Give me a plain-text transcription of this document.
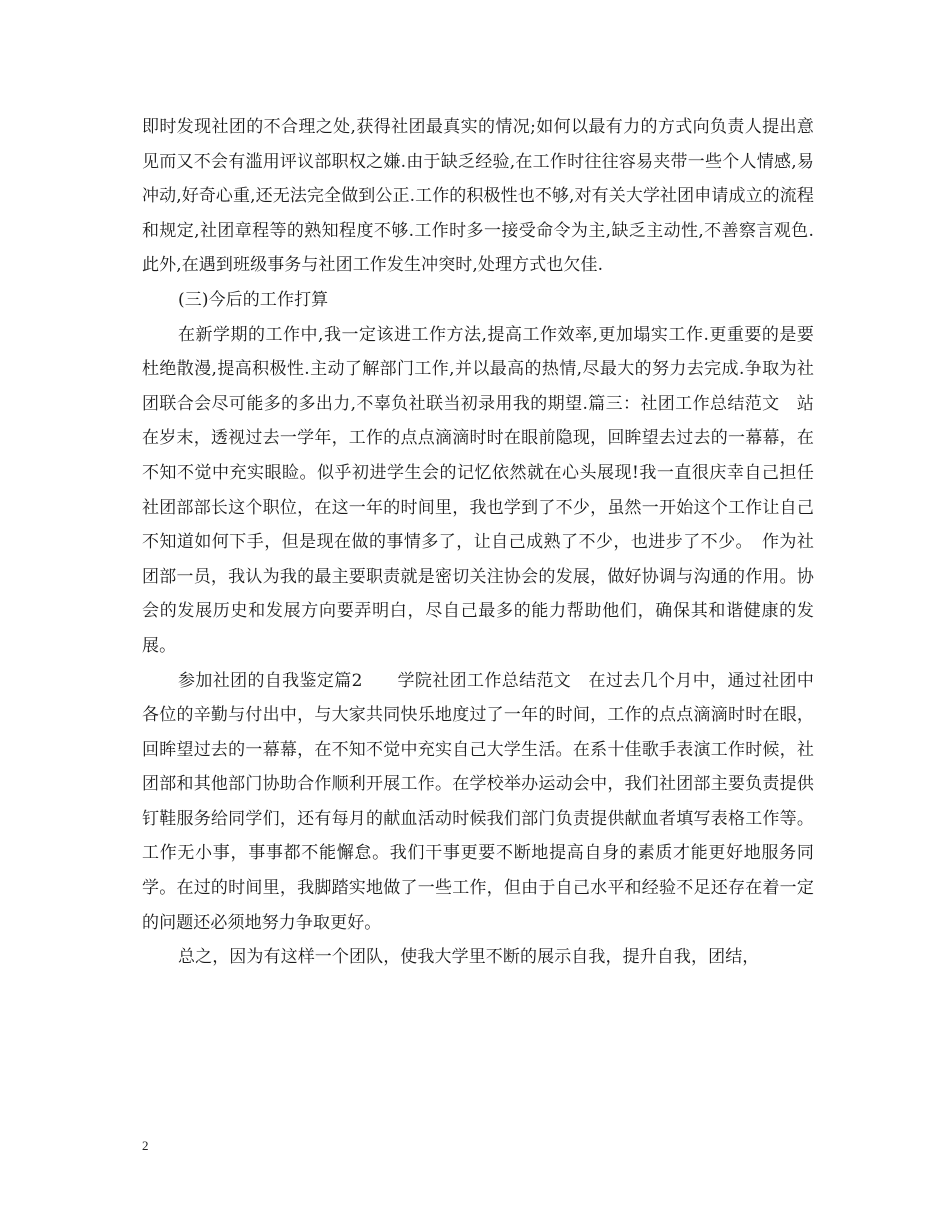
即时发现社团的不合理之处,获得社团最真实的情况;如何以最有力的方式向负责人提出意见而又不会有滥用评议部职权之嫌.由于缺乏经验,在工作时往往容易夹带一些个人情感,易冲动,好奇心重,还无法完全做到公正.工作的积极性也不够,对有关大学社团申请成立的流程和规定,社团章程等的熟知程度不够.工作时多一接受命令为主,缺乏主动性,不善察言观色.　此外,在遇到班级事务与社团工作发生冲突时,处理方式也欠佳.

(三)今后的工作打算

在新学期的工作中,我一定该进工作方法,提高工作效率,更加塌实工作.更重要的是要杜绝散漫,提高积极性.主动了解部门工作,并以最高的热情,尽最大的努力去完成.争取为社团联合会尽可能多的多出力,不辜负社联当初录用我的期望.篇三：社团工作总结范文　站在岁末，透视过去一学年，工作的点点滴滴时时在眼前隐现，回眸望去过去的一幕幕，在不知不觉中充实眼睑。似乎初进学生会的记忆依然就在心头展现!我一直很庆幸自己担任社团部部长这个职位，在这一年的时间里，我也学到了不少，虽然一开始这个工作让自己不知道如何下手，但是现在做的事情多了，让自己成熟了不少，也进步了不少。　作为社团部一员，我认为我的最主要职责就是密切关注协会的发展，做好协调与沟通的作用。协会的发展历史和发展方向要弄明白，尽自己最多的能力帮助他们，确保其和谐健康的发展。

参加社团的自我鉴定篇2　　学院社团工作总结范文　在过去几个月中，通过社团中各位的辛勤与付出中，与大家共同快乐地度过了一年的时间，工作的点点滴滴时时在眼，回眸望过去的一幕幕，在不知不觉中充实自己大学生活。在系十佳歌手表演工作时候，社团部和其他部门协助合作顺利开展工作。在学校举办运动会中，我们社团部主要负责提供钉鞋服务给同学们，还有每月的献血活动时候我们部门负责提供献血者填写表格工作等。工作无小事，事事都不能懈怠。我们干事更要不断地提高自身的素质才能更好地服务同学。在过的时间里，我脚踏实地做了一些工作，但由于自己水平和经验不足还存在着一定的问题还必须地努力争取更好。

总之，因为有这样一个团队，使我大学里不断的展示自我，提升自我，团结，

2
